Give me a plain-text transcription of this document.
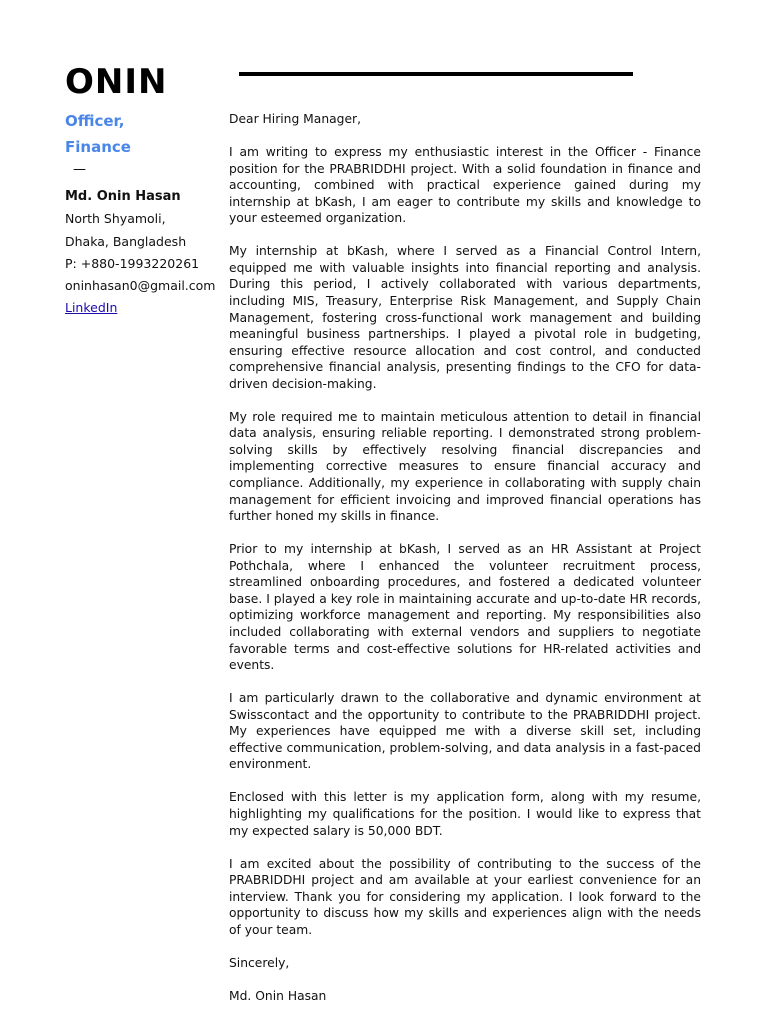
ONIN
Officer,
Finance
—
Md. Onin Hasan
North Shyamoli,
Dhaka, Bangladesh
P: +880-1993220261
oninhasan0@gmail.com
LinkedIn

Dear Hiring Manager,

I am writing to express my enthusiastic interest in the Officer - Finance position for the PRABRIDDHI project. With a solid foundation in finance and accounting, combined with practical experience gained during my internship at bKash, I am eager to contribute my skills and knowledge to your esteemed organization.

My internship at bKash, where I served as a Financial Control Intern, equipped me with valuable insights into financial reporting and analysis. During this period, I actively collaborated with various departments, including MIS, Treasury, Enterprise Risk Management, and Supply Chain Management, fostering cross-functional work management and building meaningful business partnerships. I played a pivotal role in budgeting, ensuring effective resource allocation and cost control, and conducted comprehensive financial analysis, presenting findings to the CFO for data-driven decision-making.

My role required me to maintain meticulous attention to detail in financial data analysis, ensuring reliable reporting. I demonstrated strong problem-solving skills by effectively resolving financial discrepancies and implementing corrective measures to ensure financial accuracy and compliance. Additionally, my experience in collaborating with supply chain management for efficient invoicing and improved financial operations has further honed my skills in finance.

Prior to my internship at bKash, I served as an HR Assistant at Project Pothchala, where I enhanced the volunteer recruitment process, streamlined onboarding procedures, and fostered a dedicated volunteer base. I played a key role in maintaining accurate and up-to-date HR records, optimizing workforce management and reporting. My responsibilities also included collaborating with external vendors and suppliers to negotiate favorable terms and cost-effective solutions for HR-related activities and events.

I am particularly drawn to the collaborative and dynamic environment at Swisscontact and the opportunity to contribute to the PRABRIDDHI project. My experiences have equipped me with a diverse skill set, including effective communication, problem-solving, and data analysis in a fast-paced environment.

Enclosed with this letter is my application form, along with my resume, highlighting my qualifications for the position. I would like to express that my expected salary is 50,000 BDT.

I am excited about the possibility of contributing to the success of the PRABRIDDHI project and am available at your earliest convenience for an interview. Thank you for considering my application. I look forward to the opportunity to discuss how my skills and experiences align with the needs of your team.

Sincerely,

Md. Onin Hasan
